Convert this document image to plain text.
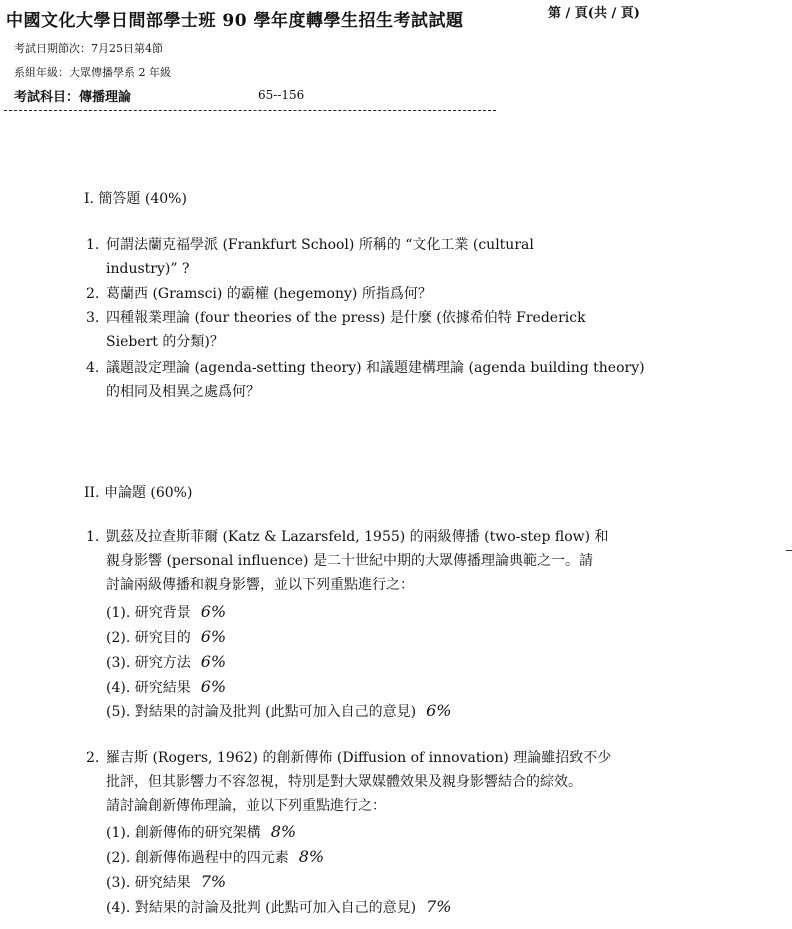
中國文化大學日間部學士班 90 學年度轉學生招生考試試題	第 / 頁(共 / 頁)
考試日期節次：7月25日第4節
系組年級：大眾傳播學系 2 年級
考試科目：傳播理論	65--156
I. 簡答題 (40%)
1. 何謂法蘭克福學派 (Frankfurt School) 所稱的 “文化工業 (cultural
industry)” ?
2. 葛蘭西 (Gramsci) 的霸權 (hegemony) 所指爲何？
3. 四種報業理論 (four theories of the press) 是什麼 (依據希伯特 Frederick
Siebert 的分類)？
4. 議題設定理論 (agenda-setting theory) 和議題建構理論 (agenda building theory)
的相同及相異之處爲何？
II. 申論題 (60%)
1. 凱茲及拉查斯菲爾 (Katz & Lazarsfeld, 1955) 的兩級傳播 (two-step flow) 和
親身影響 (personal influence) 是二十世紀中期的大眾傳播理論典範之一。請
討論兩級傳播和親身影響，並以下列重點進行之：
(1). 研究背景 6%
(2). 研究目的 6%
(3). 研究方法 6%
(4). 研究結果 6%
(5). 對結果的討論及批判 (此點可加入自己的意見) 6%
2. 羅吉斯 (Rogers, 1962) 的創新傳佈 (Diffusion of innovation) 理論雖招致不少
批評，但其影響力不容忽視，特別是對大眾媒體效果及親身影響結合的綜效。
請討論創新傳佈理論，並以下列重點進行之：
(1). 創新傳佈的研究架構 8%
(2). 創新傳佈過程中的四元素 8%
(3). 研究結果 7%
(4). 對結果的討論及批判 (此點可加入自己的意見) 7%
